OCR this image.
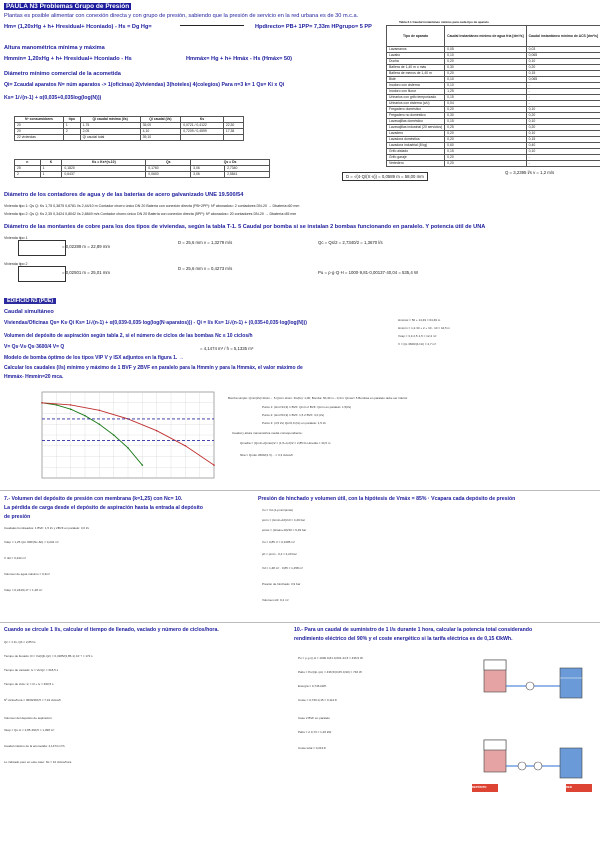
PAULA N3 Problemas Grupo de Presión
Plantas es posible alimentar con conexión directa y con grupo de presión, sabiendo que la presión de servicio en la red urbana es de 30 m.c.a.
Hm= (1,20xHg + h+ Hresidual+ Hconiado) - Hs = Dg Hg=	Hpdirecto= PB+ 1PP= 7,33m HPgrupo= 5 PP
Altura manométrica mínima y máxima
Hmmín= 1,20xHg + h+ Hresidual+ Hconiado - Hs	Hmmáx= Hg + h+ Hmáx - Hs (Hmáx= 50)
Diámetro mínimo comercial de la acometida
Qi= Σcaudal aparatos N= núm aparatos -> 1(oficinas) 2(viviendas) 3(hoteles) 4(colegios) Para n=3 k= 1 Qs= Ki x Qi
Ks= 1/√(n-1) + α(0,035+0,035log(log(N)))
Tabla 2.1 Caudal instantáneo mínimo para cada tipo de aparato
Tipo de aparato	Caudal instantáneo mínimo de agua fría [dm³/s]	Caudal instantáneo mínimo de ACS [dm³/s]
Lavamanos	0,05	0,03
Lavabo	0,10	0,065
Ducha	0,20	0,10
Bañera de 1,40 m o más	0,30	0,20
Bañera de menos de 1,40 m	0,20	0,15
Bidé	0,10	0,065
Inodoro con cisterna	0,10	-
Inodoro con fluxor	1,25	-
Urinarios con grifo temporizado	0,15	-
Urinarios con cisterna (c/u)	0,04	-
Fregadero doméstico	0,20	0,10
Fregadero no doméstico	0,30	0,20
Lavavajillas doméstico	0,15	0,10
Lavavajillas industrial (20 servicios)	0,25	0,20
Lavadero	0,20	0,10
Lavadora doméstica	0,20	0,15
Lavadora industrial (8 kg)	0,60	0,40
Grifo aislado	0,15	0,10
Grifo garaje	0,20	-
Vertedero	0,20	-
Nº consumidores	tipo	Qi caudal mínimo (l/s)	Qi caudal (l/s)	Ks	
20	1	1,75	35,00	0,0721 / 0,4122	22,30
20	2	2,05	4,10	0,7209 / 0,4599	17,38
22 viviendas		Qi caudal total	39,10		
n	K	Ks = Ks+(n-10)	Qs	Qs = Ds	
25	1	0,1820	0,1760	3,06	2,7340
2	1	0,6437	0,0600	3,06	2,5841	D = √(4·Q/(π·v)) = 0,0589 m = 58,00 mm
Q = 3,2395 l/s v = 1,2 m/s
Diámetro de los contadores de agua y de las baterías de acero galvanizado UNE 19.500/54
Vivienda tipo 1: Qs Q: Ks 1,75 0,3875 0,6781 l/s 2,44/10 m Contador chorro único DN 20 Batería con conexión directa (PB+2PP): Nº abonados= 2 contadores DN-20 → Dbatería=60 mm
Vivienda tipo 2: Qs Q: Ks 2,35 0,3424 0,8042 l/s 2,8849 m/s Contador chorro único DN 20 Batería con conexión directa (5PP): Nº abonados= 20 contadores DN-20 → Dbatería=85 mm
Diámetro de las montantes de cobre para los dos tipos de viviendas, según la tabla T-1. 5 Caudal por bomba si se instalan 2 bombas funcionando en paralelo. Y potencia útil de UNA
Vivienda tipo 1
= 0,02289 m = 22,89 mm
D = 25,6 mm v = 1,3279 m/s
Vivienda tipo 2
= 0,02501 m = 25,01 mm
D = 25,6 mm v = 0,4273 m/s
Qc = Qs/2 = 2,7340/2 = 1,3670 l/s
Pu = ρ·g·Q·H = 1000·9,81·0,00137·40,04 = 535,4 W
EDIFICIO N3 (PUE)
Caudal simultáneo
Viviendas/Oficinas Qs= Ks·Qi Ks= 1/√(n-1) + α(0,039-0,035·log(log(N·aparatos))) - Qi = l/s Ks= 1/√(n-1) + (0,035+0,035·log(log(N)))
Volumen del depósito de aspiración según tabla 2, si el número de ciclos de las bombas Nc ≤ 10 ciclos/h
V= Qs·Vs·Qs·3600/4 V= Q	= 4,1474 m³ / h = 5,1335 m³
Modelo de bomba óptimo de los tipos VIP V y ISX adjuntos en la figura 1. →
Calcular los caudales (l/s) mínimo y máximo de 1 BVF y 2BVF en paralelo para la Hmmín y para la Hmmáx, el valor máximo de
Hmmáx- Hmmín=20 mca.
Hmmáx = 50 + 14,49 = 64,49 m
Hmmín = 1,2·33 + 2 + 10 - 10 = 44,5 m
Vcap = 3,3·2,5·1,5 = 12,4 m³
V = Qc·3600/(4·Nc) = 2,7 m³
Bomba simple: Qmín(l/s)=Hmín→ 5·Qmín·Hmín: 3/s(l/s): 1,00; Bomba: 50,40 m→0,3m: Qmax= 5 Bombas en paralelo debe ser inferior
Punto 1: (Hm=34,9) 1 BVF: Qmín 2 BVF: Qmín en paralelo: 1,5(l/s)
Punto 2: (Hm=54,9) 1 BVF: 1,5 2 BVF: 3,0 (l/s)
Punto 3: (4,5 l/s) Qs=0,9 (l/s) en paralelo: 1,5 l/s
Caudal y altura manométrica media correspondiente:
Qmedia = (Qmín+Qmáx)/2 = (1,5+4,2)/2 = 2,85 l/s Hmedia = 44,5 m
Nba = Qmáx·3600/(4·V)... = 3,3 ciclos/h
7.- Volumen del depósito de presión con membrana (k=1,25) con Nc= 10.
La pérdida de carga desde el depósito de aspiración hasta la entrada al depósito
de presión
Caudales bombeados: 1 BVF: 1,5 l/s y 2BVF en paralelo: 3,0 l/s
Vdep = 1,25·Qm·900/(Nc·Δh) = 0,244 m³
V útil = 0,244 m³
Volumen de agua máximo = 0,3m³
Vdep = 0,244/0,17 = 1,48 m³
Presión de hinchado y volumen útil, con la hipótesis de Vmáx = 85% · Vcapara cada depósito de presión
Vu = Vd·(1-pmín/pmáx)
pmín = (Hmín+10)/10 = 4,49 bar
pmáx = (Hmáx+10)/10 = 6,49 bar
Vu = 0,85·V = 0,3185 m³
ph = pmín - 0,2 = 4,29 bar
Vd = 1,48 m³ · 0,85 = 1,258 m³
Presión de hinchado: 3,9 bar
Volumen útil: 0,4 m³
Cuando se circule 1 l/s, calcular el tiempo de llenado, vaciado y número de ciclos/hora.
Qc = 1 l/s; Qb = 2,85 l/s
Tiempo de llenado: tll = Vu/(Qb-Qc) = 0,3185/(2,85-1)·10⁻³ = 172 s
Tiempo de vaciado: tv = Vu/Qc = 318,5 s
Tiempo de ciclo: tc = tll + tv = 490,5 s
Nº ciclos/hora = 3600/490,5 = 7,34 ciclos/h
Volumen del depósito de aspiración:
Vasp = Qs·tc = 2,85·490,5 = 1,398 m³
Caudal máximo de la acometida: 4,1474 m³/h
Lo indicado pero en este caso: Nc = 10 ciclos/hora
10.- Para un caudal de suministro de 1 l/s durante 1 hora, calcular la potencia total considerando
rendimiento eléctrico del 90% y el coste energético si la tarifa eléctrica es de 0,15 €/kWh.
Pu = ρ·g·Q·H = 1000·9,81·0,001·44,5 = 436,5 W
Pabs = Pu/(ηb·ηm) = 436,5/(0,65·0,90) = 746 W
Energía = 0,746 kWh
Coste = 0,746·0,15 = 0,112 €
Caso 2 BVF en paralelo
Pabs = 2·0,73 = 1,46 kW
Coste total = 0,219 €
DEPÓSITO	RED
